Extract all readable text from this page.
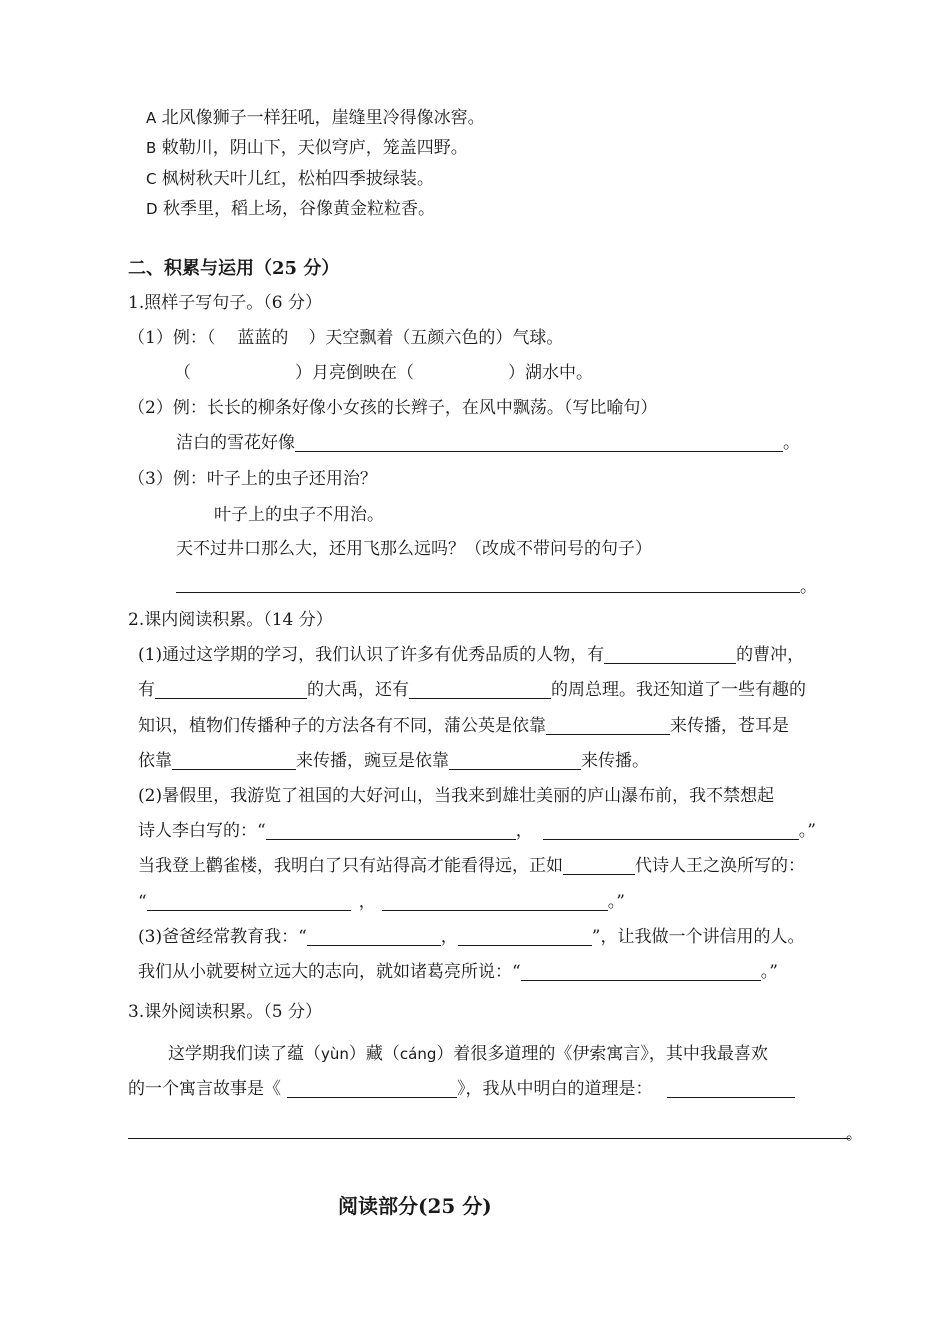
A 北风像狮子一样狂吼，崖缝里冷得像冰窖。
B 敕勒川，阴山下，天似穹庐，笼盖四野。
C 枫树秋天叶儿红，松柏四季披绿装。
D 秋季里，稻上场，谷像黄金粒粒香。
二、积累与运用（25 分）
1.照样子写句子。（6 分）
（1）例：（ 蓝蓝的 ）天空飘着（五颜六色的）气球。
（	）月亮倒映在（	）湖水中。
（2）例：长长的柳条好像小女孩的长辫子，在风中飘荡。（写比喻句）
洁白的雪花好像	。
（3）例：叶子上的虫子还用治？
叶子上的虫子不用治。
天不过井口那么大，还用飞那么远吗？（改成不带问号的句子）
。
2.课内阅读积累。（14 分）
(1)通过这学期的学习，我们认识了许多有优秀品质的人物，有	的曹冲，
有	的大禹，还有	的周总理。我还知道了一些有趣的
知识，植物们传播种子的方法各有不同，蒲公英是依靠	来传播，苍耳是
依靠	来传播，豌豆是依靠	来传播。
(2)暑假里，我游览了祖国的大好河山，当我来到雄壮美丽的庐山瀑布前，我不禁想起
诗人李白写的：“	，	。”
当我登上鹳雀楼，我明白了只有站得高才能看得远，正如	代诗人王之涣所写的：
“	，	。”
(3)爸爸经常教育我：“	，	”，让我做一个讲信用的人。
我们从小就要树立远大的志向，就如诸葛亮所说：“	。”
3.课外阅读积累。（5 分）
这学期我们读了蕴（yùn）藏（cáng）着很多道理的《伊索寓言》，其中我最喜欢
的一个寓言故事是《	》，我从中明白的道理是：
。
阅读部分(25 分)
